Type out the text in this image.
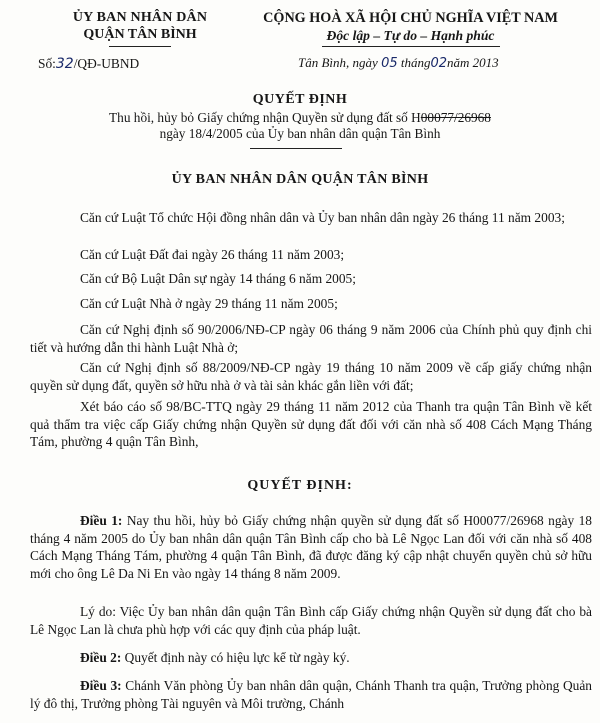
ỦY BAN NHÂN DÂN
QUẬN TÂN BÌNH
CỘNG HOÀ XÃ HỘI CHỦ NGHĨA VIỆT NAM
Độc lập – Tự do – Hạnh phúc
Số:32/QĐ-UBND	Tân Bình, ngày 05 tháng02năm 2013
QUYẾT ĐỊNH
Thu hồi, hủy bỏ Giấy chứng nhận Quyền sử dụng đất số H00077/26968
ngày 18/4/2005 của Ủy ban nhân dân quận Tân Bình
ỦY BAN NHÂN DÂN QUẬN TÂN BÌNH
Căn cứ Luật Tổ chức Hội đồng nhân dân và Ủy ban nhân dân ngày 26 tháng 11 năm 2003;
Căn cứ Luật Đất đai ngày 26 tháng 11 năm 2003;
Căn cứ Bộ Luật Dân sự ngày 14 tháng 6 năm 2005;
Căn cứ Luật Nhà ở ngày 29 tháng 11 năm 2005;
Căn cứ Nghị định số 90/2006/NĐ-CP ngày 06 tháng 9 năm 2006 của Chính phủ quy định chi tiết và hướng dẫn thi hành Luật Nhà ở;
Căn cứ Nghị định số 88/2009/NĐ-CP ngày 19 tháng 10 năm 2009 về cấp giấy chứng nhận quyền sử dụng đất, quyền sở hữu nhà ở và tài sản khác gắn liền với đất;
Xét báo cáo số 98/BC-TTQ ngày 29 tháng 11 năm 2012 của Thanh tra quận Tân Bình về kết quả thẩm tra việc cấp Giấy chứng nhận Quyền sử dụng đất đối với căn nhà số 408 Cách Mạng Tháng Tám, phường 4 quận Tân Bình,
QUYẾT ĐỊNH:
Điều 1: Nay thu hồi, hủy bỏ Giấy chứng nhận quyền sử dụng đất số H00077/26968 ngày 18 tháng 4 năm 2005 do Ủy ban nhân dân quận Tân Bình cấp cho bà Lê Ngọc Lan đối với căn nhà số 408 Cách Mạng Tháng Tám, phường 4 quận Tân Bình, đã được đăng ký cập nhật chuyển quyền chủ sở hữu mới cho ông Lê Da Ni En vào ngày 14 tháng 8 năm 2009.
Lý do: Việc Ủy ban nhân dân quận Tân Bình cấp Giấy chứng nhận Quyền sử dụng đất cho bà Lê Ngọc Lan là chưa phù hợp với các quy định của pháp luật.
Điều 2: Quyết định này có hiệu lực kể từ ngày ký.
Điều 3: Chánh Văn phòng Ủy ban nhân dân quận, Chánh Thanh tra quận, Trưởng phòng Quản lý đô thị, Trưởng phòng Tài nguyên và Môi trường, Chánh
